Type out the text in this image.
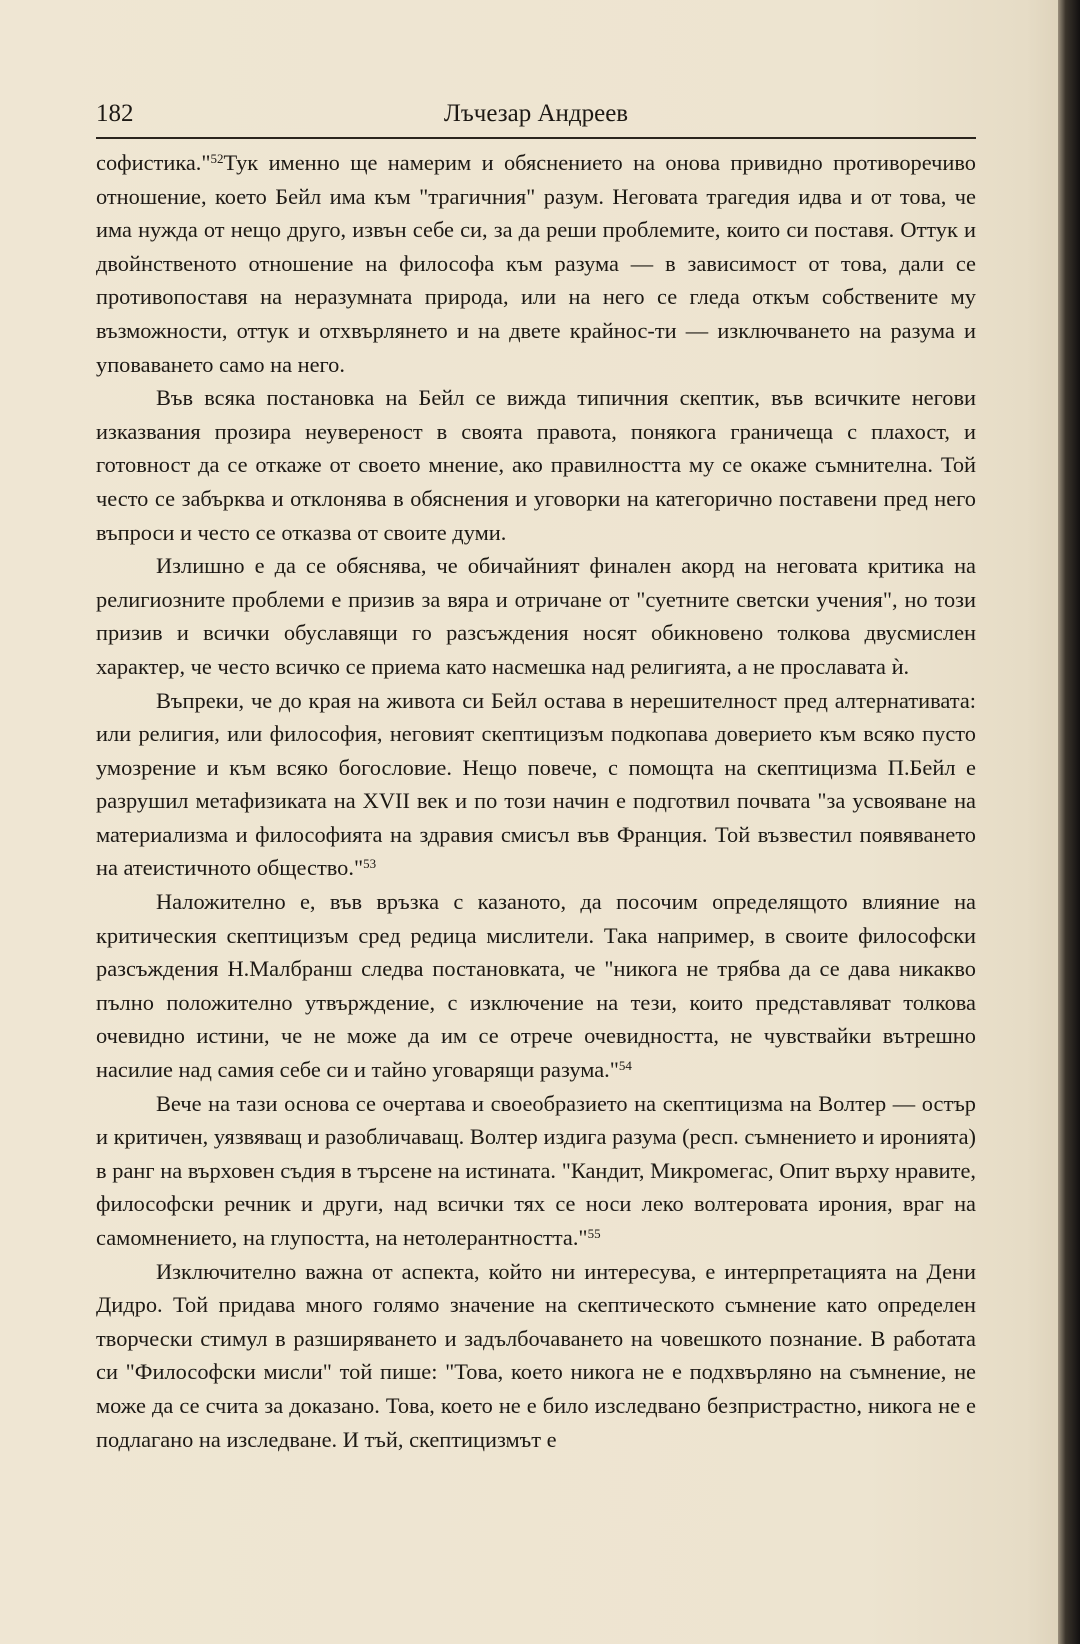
182	Лъчезар Андреев

софистика."$^{52}$Тук именно ще намерим и обяснението на онова привидно противоречиво отношение, което Бейл има към "трагичния" разум. Неговата трагедия идва и от това, че има нужда от нещо друго, извън себе си, за да реши проблемите, които си поставя. Оттук и двойнственото отношение на философа към разума — в зависимост от това, дали се противопоставя на неразумната природа, или на него се гледа откъм собствените му възможности, оттук и отхвърлянето и на двете крайнос-ти — изключването на разума и уповаването само на него.

Във всяка постановка на Бейл се вижда типичния скептик, във всичките негови изказвания прозира неувереност в своята правота, понякога граничеща с плахост, и готовност да се откаже от своето мнение, ако правилността му се окаже съмнителна. Той често се забърква и отклонява в обяснения и уговорки на категорично поставени пред него въпроси и често се отказва от своите думи.

Излишно е да се обяснява, че обичайният финален акорд на неговата критика на религиозните проблеми е призив за вяра и отричане от "суетните светски учения", но този призив и всички обуславящи го разсъждения носят обикновено толкова двусмислен характер, че често всичко се приема като насмешка над религията, а не прославата ѝ.

Въпреки, че до края на живота си Бейл остава в нерешителност пред алтернативата: или религия, или философия, неговият скептицизъм подкопава доверието към всяко пусто умозрение и към всяко богословие. Нещо повече, с помощта на скептицизма П.Бейл е разрушил метафизиката на XVII век и по този начин е подготвил почвата "за усвояване на материализма и философията на здравия смисъл във Франция. Той възвестил появяването на атеистичното общество."$^{53}$

Наложително е, във връзка с казаното, да посочим определящото влияние на критическия скептицизъм сред редица мислители. Така например, в своите философски разсъждения Н.Малбранш следва постановката, че "никога не трябва да се дава никакво пълно положително утвърждение, с изключение на тези, които представляват толкова очевидно истини, че не може да им се отрече очевидността, не чувствайки вътрешно насилие над самия себе си и тайно уговарящи разума."$^{54}$

Вече на тази основа се очертава и своеобразието на скептицизма на Волтер — остър и критичен, уязвяващ и разобличаващ. Волтер издига разума (респ. съмнението и иронията) в ранг на върховен съдия в търсене на истината. "Кандит, Микромегас, Опит върху нравите, философски речник и други, над всички тях се носи леко волтеровата ирония, враг на самомнението, на глупостта, на нетолерантността."$^{55}$

Изключително важна от аспекта, който ни интересува, е интерпретацията на Дени Дидро. Той придава много голямо значение на скептическото съмнение като определен творчески стимул в разширяването и задълбочаването на човешкото познание. В работата си "Философски мисли" той пише: "Това, което никога не е подхвърляно на съмнение, не може да се счита за доказано. Това, което не е било изследвано безпристрастно, никога не е подлагано на изследване. И тъй, скептицизмът е
